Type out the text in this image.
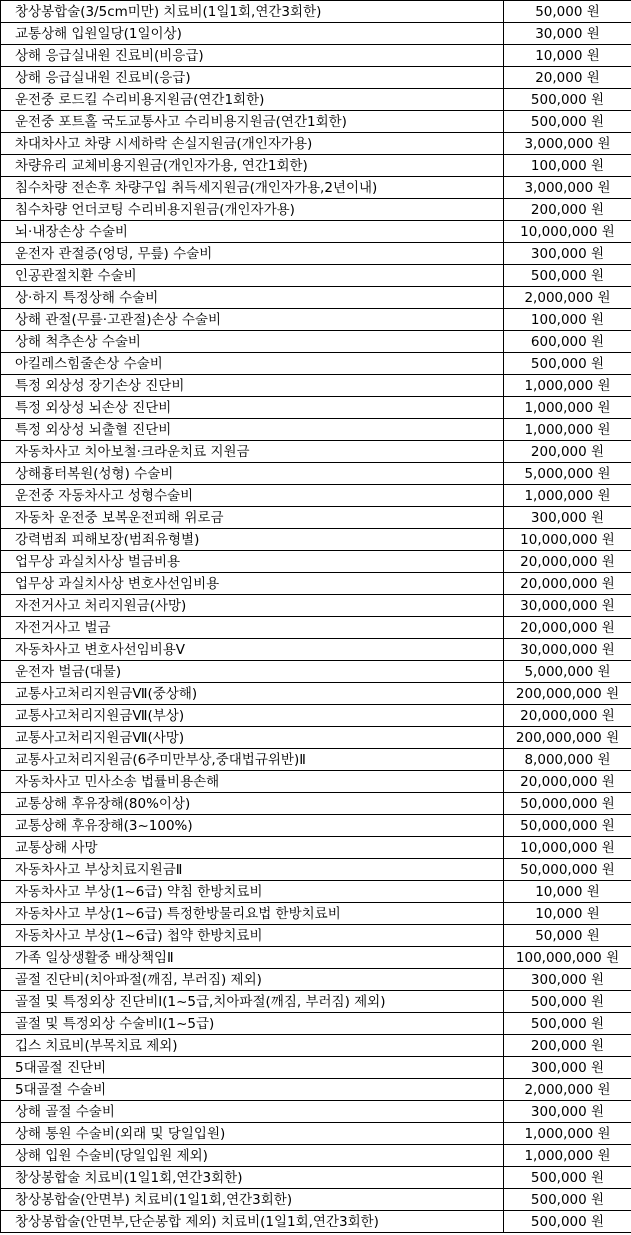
창상봉합술(3/5cm미만) 치료비(1일1회,연간3회한)	50,000 원
교통상해 입원일당(1일이상)	30,000 원
상해 응급실내원 진료비(비응급)	10,000 원
상해 응급실내원 진료비(응급)	20,000 원
운전중 로드킬 수리비용지원금(연간1회한)	500,000 원
운전중 포트홀 국도교통사고 수리비용지원금(연간1회한)	500,000 원
차대차사고 차량 시세하락 손실지원금(개인자가용)	3,000,000 원
차량유리 교체비용지원금(개인자가용, 연간1회한)	100,000 원
침수차량 전손후 차량구입 취득세지원금(개인자가용,2년이내)	3,000,000 원
침수차량 언더코팅 수리비용지원금(개인자가용)	200,000 원
뇌·내장손상 수술비	10,000,000 원
운전자 관절증(엉덩, 무릎) 수술비	300,000 원
인공관절치환 수술비	500,000 원
상·하지 특정상해 수술비	2,000,000 원
상해 관절(무릎·고관절)손상 수술비	100,000 원
상해 척추손상 수술비	600,000 원
아킬레스힘줄손상 수술비	500,000 원
특정 외상성 장기손상 진단비	1,000,000 원
특정 외상성 뇌손상 진단비	1,000,000 원
특정 외상성 뇌출혈 진단비	1,000,000 원
자동차사고 치아보철·크라운치료 지원금	200,000 원
상해흉터복원(성형) 수술비	5,000,000 원
운전중 자동차사고 성형수술비	1,000,000 원
자동차 운전중 보복운전피해 위로금	300,000 원
강력범죄 피해보장(범죄유형별)	10,000,000 원
업무상 과실치사상 벌금비용	20,000,000 원
업무상 과실치사상 변호사선임비용	20,000,000 원
자전거사고 처리지원금(사망)	30,000,000 원
자전거사고 벌금	20,000,000 원
자동차사고 변호사선임비용Ⅴ	30,000,000 원
운전자 벌금(대물)	5,000,000 원
교통사고처리지원금Ⅶ(중상해)	200,000,000 원
교통사고처리지원금Ⅶ(부상)	20,000,000 원
교통사고처리지원금Ⅶ(사망)	200,000,000 원
교통사고처리지원금(6주미만부상,중대법규위반)Ⅱ	8,000,000 원
자동차사고 민사소송 법률비용손해	20,000,000 원
교통상해 후유장해(80%이상)	50,000,000 원
교통상해 후유장해(3~100%)	50,000,000 원
교통상해 사망	10,000,000 원
자동차사고 부상치료지원금Ⅱ	50,000,000 원
자동차사고 부상(1~6급) 약침 한방치료비	10,000 원
자동차사고 부상(1~6급) 특정한방물리요법 한방치료비	10,000 원
자동차사고 부상(1~6급) 첩약 한방치료비	50,000 원
가족 일상생활중 배상책임Ⅱ	100,000,000 원
골절 진단비(치아파절(깨짐, 부러짐) 제외)	300,000 원
골절 및 특정외상 진단비Ⅰ(1~5급,치아파절(깨짐, 부러짐) 제외)	500,000 원
골절 및 특정외상 수술비Ⅰ(1~5급)	500,000 원
깁스 치료비(부목치료 제외)	200,000 원
5대골절 진단비	300,000 원
5대골절 수술비	2,000,000 원
상해 골절 수술비	300,000 원
상해 통원 수술비(외래 및 당일입원)	1,000,000 원
상해 입원 수술비(당일입원 제외)	1,000,000 원
창상봉합술 치료비(1일1회,연간3회한)	500,000 원
창상봉합술(안면부) 치료비(1일1회,연간3회한)	500,000 원
창상봉합술(안면부,단순봉합 제외) 치료비(1일1회,연간3회한)	500,000 원
